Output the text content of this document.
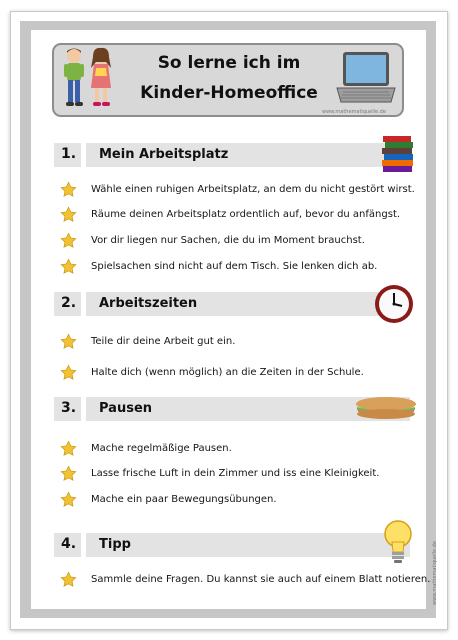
So lerne ich im
Kinder-Homeoffice
www.mathematiquelle.de
1. Mein Arbeitsplatz
2. Arbeitszeiten
3. Pausen
4. Tipp
Wähle einen ruhigen Arbeitsplatz, an dem du nicht gestört wirst.
Räume deinen Arbeitsplatz ordentlich auf, bevor du anfängst.
Vor dir liegen nur Sachen, die du im Moment brauchst.
Spielsachen sind nicht auf dem Tisch. Sie lenken dich ab.
Teile dir deine Arbeit gut ein.
Halte dich (wenn möglich) an die Zeiten in der Schule.
Mache regelmäßige Pausen.
Lasse frische Luft in dein Zimmer und iss eine Kleinigkeit.
Mache ein paar Bewegungsübungen.
Sammle deine Fragen. Du kannst sie auch auf einem Blatt notieren. www.mathematiquelle.de
